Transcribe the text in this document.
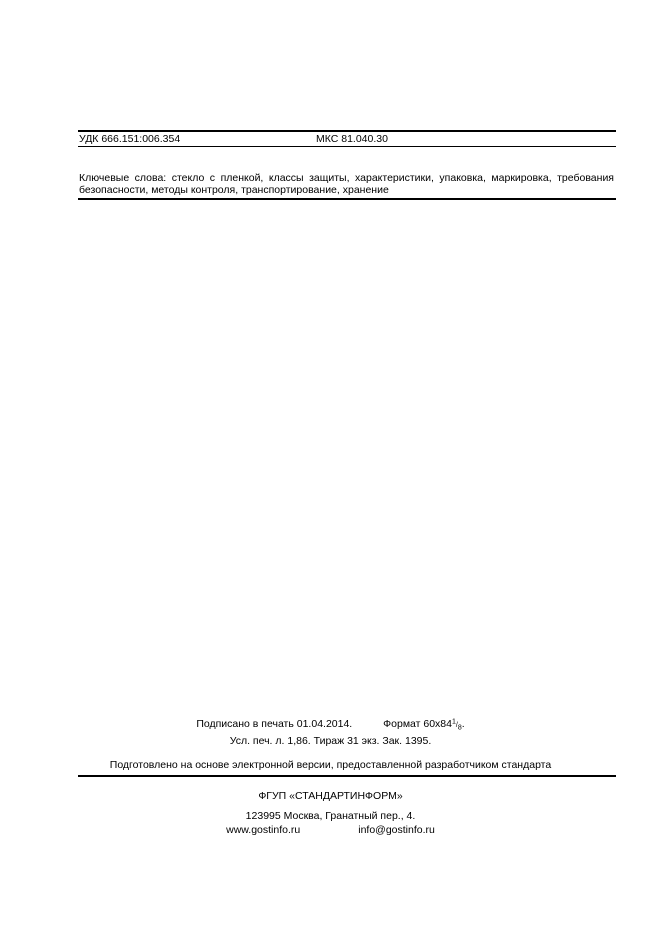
УДК 666.151:006.354	МКС 81.040.30
Ключевые слова: стекло с пленкой, классы защиты, характеристики, упаковка, маркировка, требования безопасности, методы контроля, транспортирование, хранение
Подписано в печать 01.04.2014.	Формат $60х84^1/_8$.
Усл. печ. л. 1,86. Тираж 31 экз. Зак. 1395.
Подготовлено на основе электронной версии, предоставленной разработчиком стандарта
ФГУП «СТАНДАРТИНФОРМ»
123995 Москва, Гранатный пер., 4.
www.gostinfo.ru	info@gostinfo.ru
